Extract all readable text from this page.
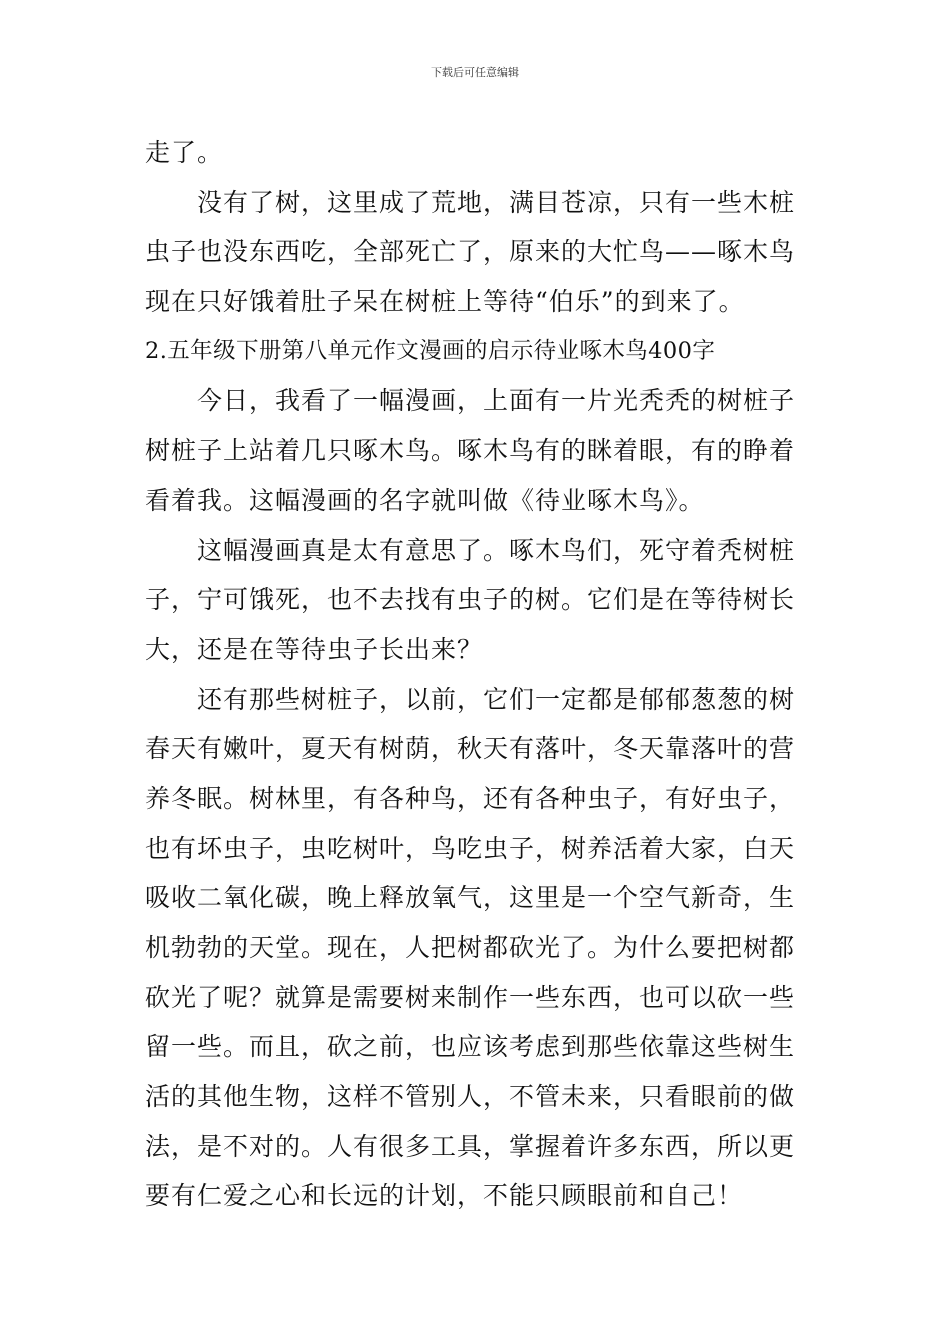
下载后可任意编辑
走了。
没有了树，这里成了荒地，满目苍凉，只有一些木桩
虫子也没东西吃，全部死亡了，原来的大忙鸟——啄木鸟
现在只好饿着肚子呆在树桩上等待“伯乐”的到来了。
2.五年级下册第八单元作文漫画的启示待业啄木鸟400字
今日，我看了一幅漫画，上面有一片光秃秃的树桩子
树桩子上站着几只啄木鸟。啄木鸟有的眯着眼，有的睁着
看着我。这幅漫画的名字就叫做《待业啄木鸟》。
这幅漫画真是太有意思了。啄木鸟们，死守着秃树桩
子，宁可饿死，也不去找有虫子的树。它们是在等待树长
大，还是在等待虫子长出来？
还有那些树桩子，以前，它们一定都是郁郁葱葱的树
春天有嫩叶，夏天有树荫，秋天有落叶，冬天靠落叶的营
养冬眠。树林里，有各种鸟，还有各种虫子，有好虫子，
也有坏虫子，虫吃树叶，鸟吃虫子，树养活着大家，白天
吸收二氧化碳，晚上释放氧气，这里是一个空气新奇，生
机勃勃的天堂。现在，人把树都砍光了。为什么要把树都
砍光了呢？就算是需要树来制作一些东西，也可以砍一些
留一些。而且，砍之前，也应该考虑到那些依靠这些树生
活的其他生物，这样不管别人，不管未来，只看眼前的做
法，是不对的。人有很多工具，掌握着许多东西，所以更
要有仁爱之心和长远的计划，不能只顾眼前和自己！
